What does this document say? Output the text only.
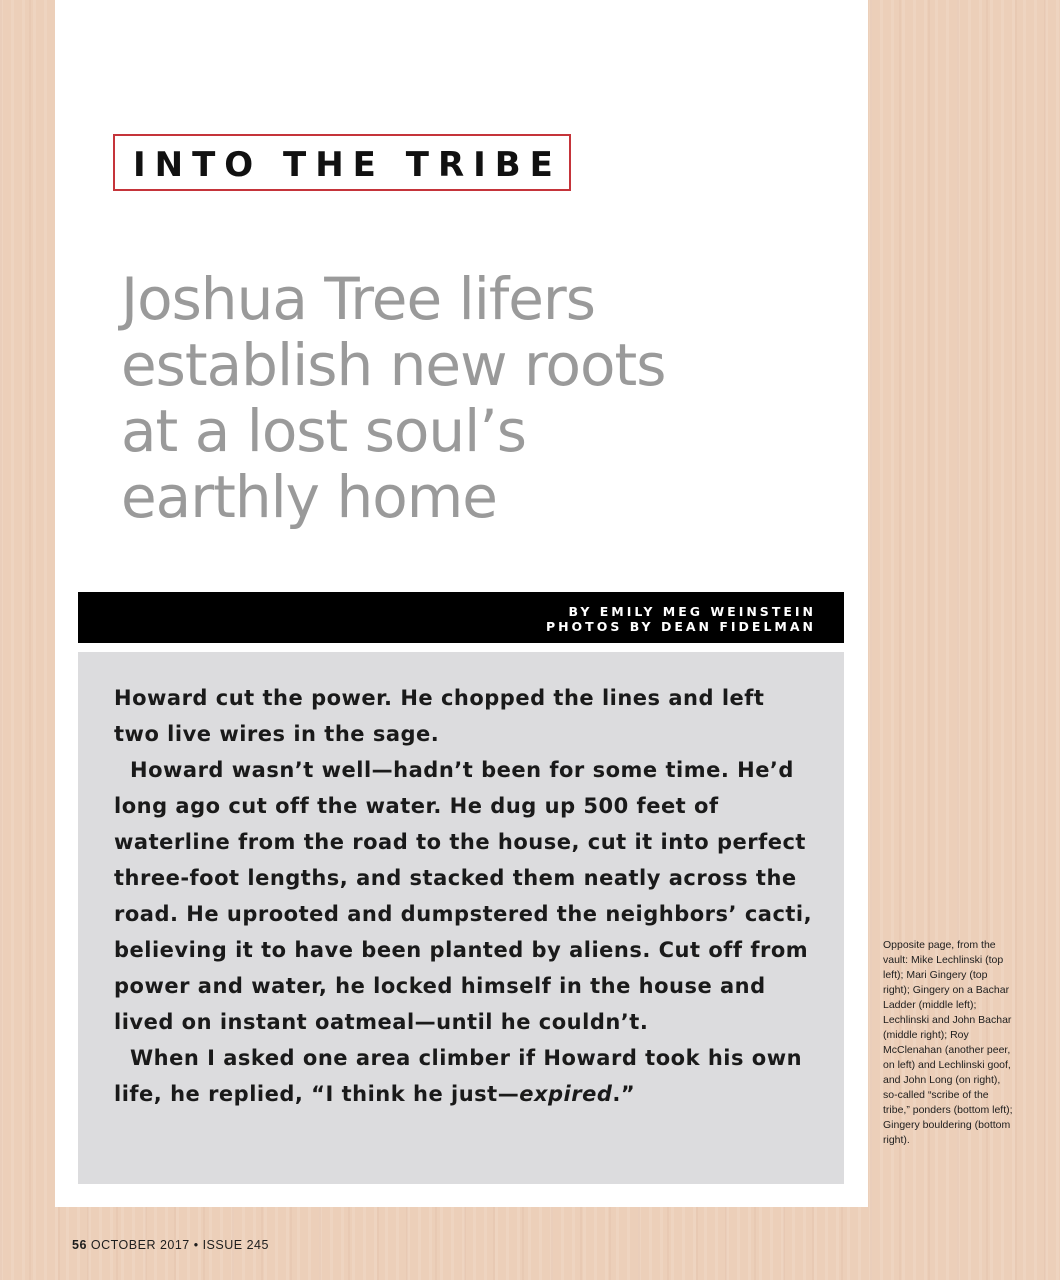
INTO THE TRIBE
Joshua Tree lifers
establish new roots
at a lost soul’s
earthly home

BY EMILY MEG WEINSTEIN
PHOTOS BY DEAN FIDELMAN

Howard cut the power. He chopped the lines and left two live wires in the sage.

Howard wasn’t well—hadn’t been for some time. He’d long ago cut off the water. He dug up 500 feet of waterline from the road to the house, cut it into perfect three-foot lengths, and stacked them neatly across the road. He uprooted and dumpstered the neighbors’ cacti, believing it to have been planted by aliens. Cut off from power and water, he locked himself in the house and lived on instant oatmeal—until he couldn’t.

When I asked one area climber if Howard took his own life, he replied, “I think he just—expired.”

Opposite page, from the vault: Mike Lechlinski (top left); Mari Gingery (top right); Gingery on a Bachar Ladder (middle left); Lechlinski and John Bachar (middle right); Roy McClenahan (another peer, on left) and Lechlinski goof, and John Long (on right), so-called “scribe of the tribe,” ponders (bottom left); Gingery bouldering (bottom right).

56 OCTOBER 2017 • ISSUE 245
